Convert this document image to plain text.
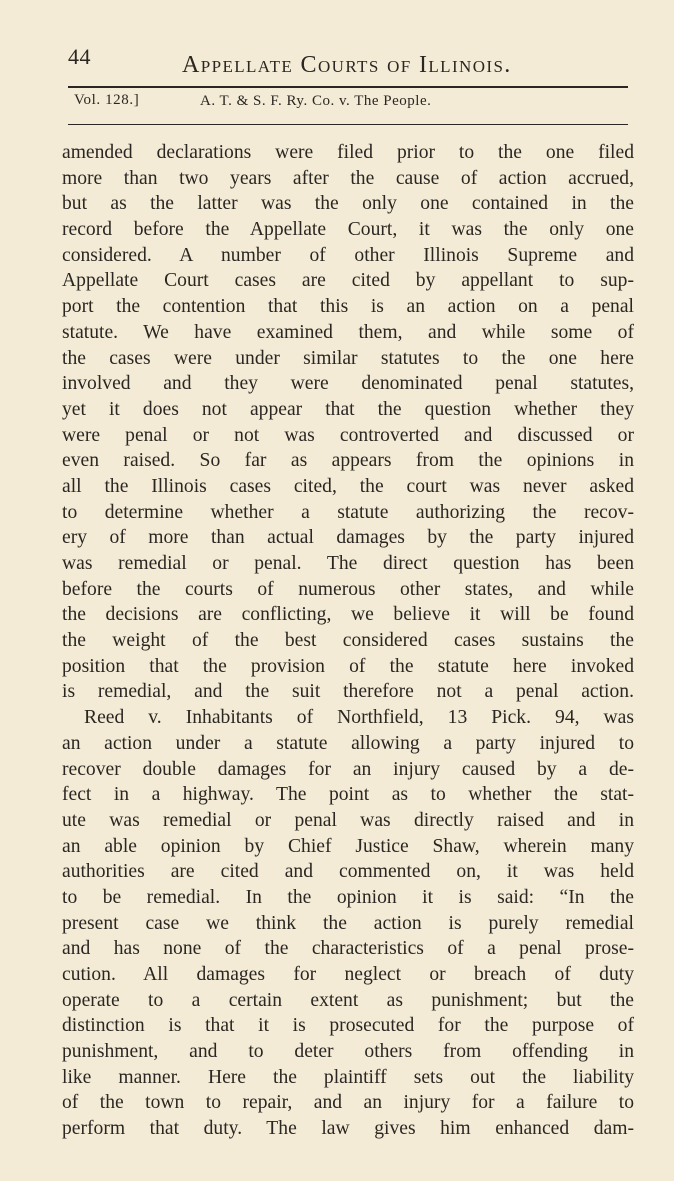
44	Appellate Courts of Illinois.
Vol. 128.]	A. T. & S. F. Ry. Co. v. The People.
amended declarations were filed prior to the one filed
more than two years after the cause of action accrued,
but as the latter was the only one contained in the
record before the Appellate Court, it was the only one
considered. A number of other Illinois Supreme and
Appellate Court cases are cited by appellant to sup-
port the contention that this is an action on a penal
statute. We have examined them, and while some of
the cases were under similar statutes to the one here
involved and they were denominated penal statutes,
yet it does not appear that the question whether they
were penal or not was controverted and discussed or
even raised. So far as appears from the opinions in
all the Illinois cases cited, the court was never asked
to determine whether a statute authorizing the recov-
ery of more than actual damages by the party injured
was remedial or penal. The direct question has been
before the courts of numerous other states, and while
the decisions are conflicting, we believe it will be found
the weight of the best considered cases sustains the
position that the provision of the statute here invoked
is remedial, and the suit therefore not a penal action.
Reed v. Inhabitants of Northfield, 13 Pick. 94, was
an action under a statute allowing a party injured to
recover double damages for an injury caused by a de-
fect in a highway. The point as to whether the stat-
ute was remedial or penal was directly raised and in
an able opinion by Chief Justice Shaw, wherein many
authorities are cited and commented on, it was held
to be remedial. In the opinion it is said: “In the
present case we think the action is purely remedial
and has none of the characteristics of a penal prose-
cution. All damages for neglect or breach of duty
operate to a certain extent as punishment; but the
distinction is that it is prosecuted for the purpose of
punishment, and to deter others from offending in
like manner. Here the plaintiff sets out the liability
of the town to repair, and an injury for a failure to
perform that duty. The law gives him enhanced dam-
